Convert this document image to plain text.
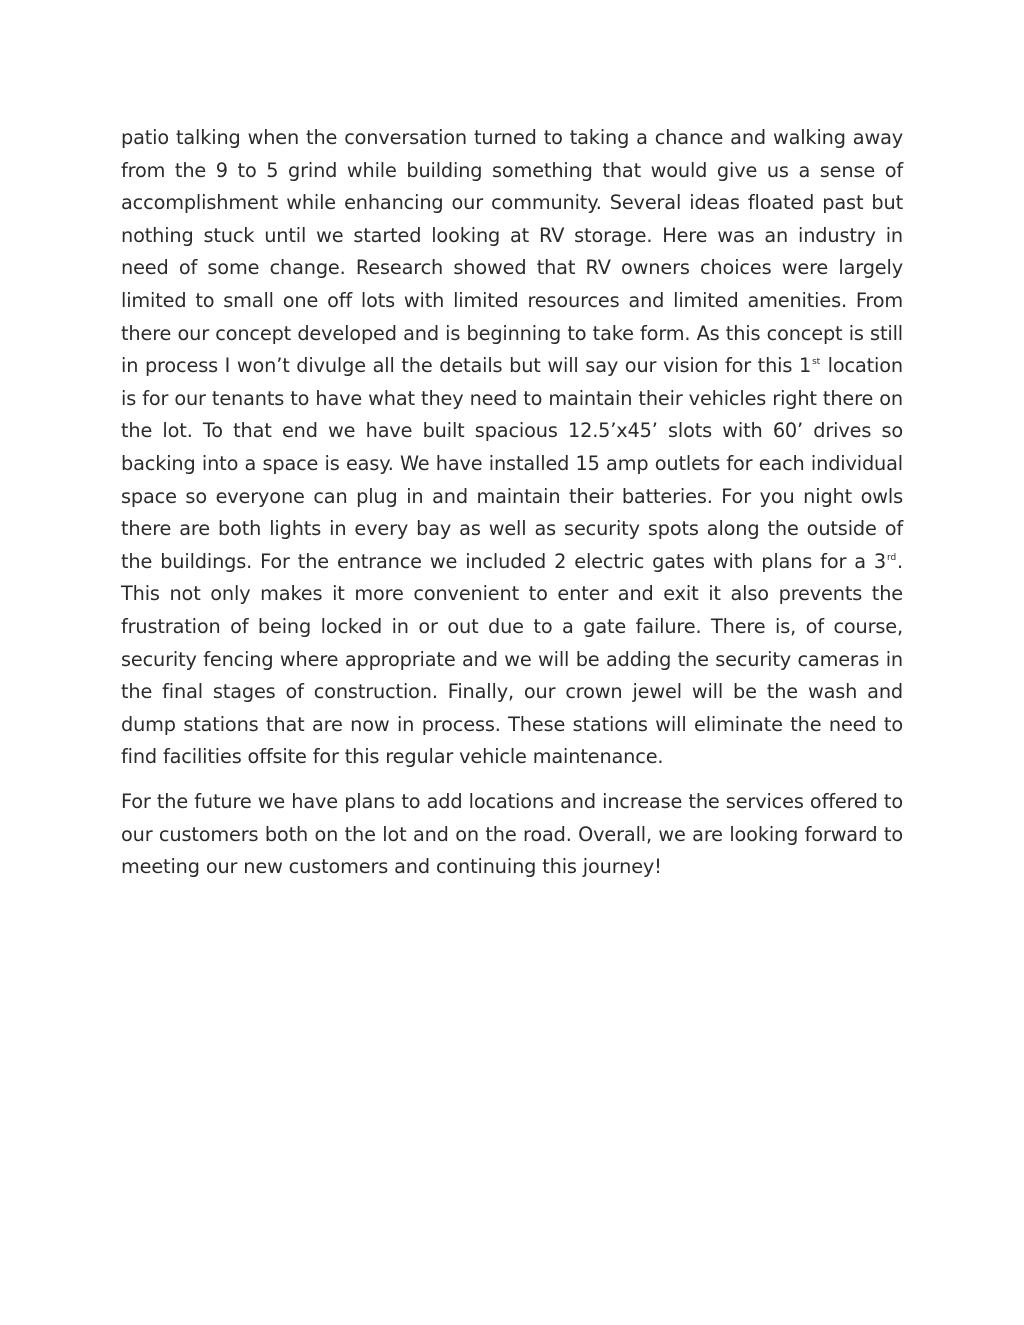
patio talking when the conversation turned to taking a chance and walking away from the 9 to 5 grind while building something that would give us a sense of accomplishment while enhancing our community. Several ideas floated past but nothing stuck until we started looking at RV storage. Here was an industry in need of some change. Research showed that RV owners choices were largely limited to small one off lots with limited resources and limited amenities. From there our concept developed and is beginning to take form. As this concept is still in process I won’t divulge all the details but will say our vision for this 1st location is for our tenants to have what they need to maintain their vehicles right there on the lot. To that end we have built spacious 12.5’x45’ slots with 60’ drives so backing into a space is easy. We have installed 15 amp outlets for each individual space so everyone can plug in and maintain their batteries. For you night owls there are both lights in every bay as well as security spots along the outside of the buildings. For the entrance we included 2 electric gates with plans for a 3rd. This not only makes it more convenient to enter and exit it also prevents the frustration of being locked in or out due to a gate failure. There is, of course, security fencing where appropriate and we will be adding the security cameras in the final stages of construction. Finally, our crown jewel will be the wash and dump stations that are now in process. These stations will eliminate the need to find facilities offsite for this regular vehicle maintenance.

For the future we have plans to add locations and increase the services offered to our customers both on the lot and on the road. Overall, we are looking forward to meeting our new customers and continuing this journey!
